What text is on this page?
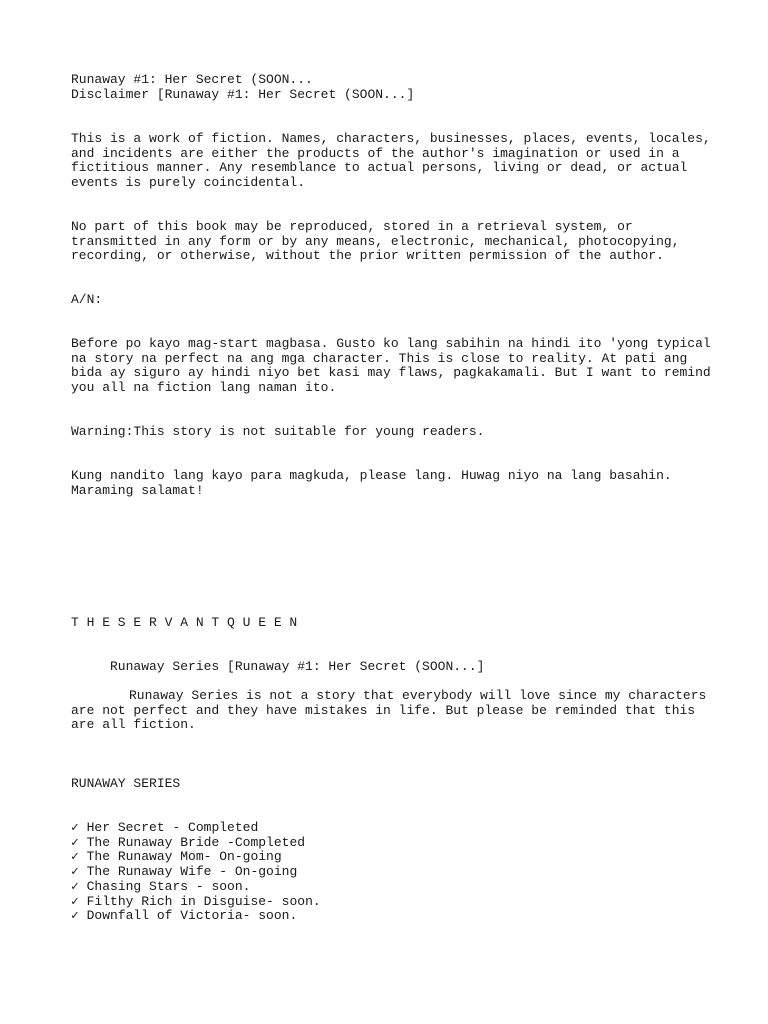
Runaway #1: Her Secret (SOON...
Disclaimer [Runaway #1: Her Secret (SOON...]
This is a work of fiction. Names, characters, businesses, places, events, locales,
and incidents are either the products of the author's imagination or used in a
fictitious manner. Any resemblance to actual persons, living or dead, or actual
events is purely coincidental.
No part of this book may be reproduced, stored in a retrieval system, or
transmitted in any form or by any means, electronic, mechanical, photocopying,
recording, or otherwise, without the prior written permission of the author.
A/N:
Before po kayo mag-start magbasa. Gusto ko lang sabihin na hindi ito 'yong typical
na story na perfect na ang mga character. This is close to reality. At pati ang
bida ay siguro ay hindi niyo bet kasi may flaws, pagkakamali. But I want to remind
you all na fiction lang naman ito.
Warning:This story is not suitable for young readers.
Kung nandito lang kayo para magkuda, please lang. Huwag niyo na lang basahin.
Maraming salamat!
T H E S E R V A N T Q U E E N
Runaway Series [Runaway #1: Her Secret (SOON...]
Runaway Series is not a story that everybody will love since my characters
are not perfect and they have mistakes in life. But please be reminded that this
are all fiction.
RUNAWAY SERIES
✓ Her Secret - Completed
✓ The Runaway Bride -Completed
✓ The Runaway Mom- On-going
✓ The Runaway Wife - On-going
✓ Chasing Stars - soon.
✓ Filthy Rich in Disguise- soon.
✓ Downfall of Victoria- soon.
